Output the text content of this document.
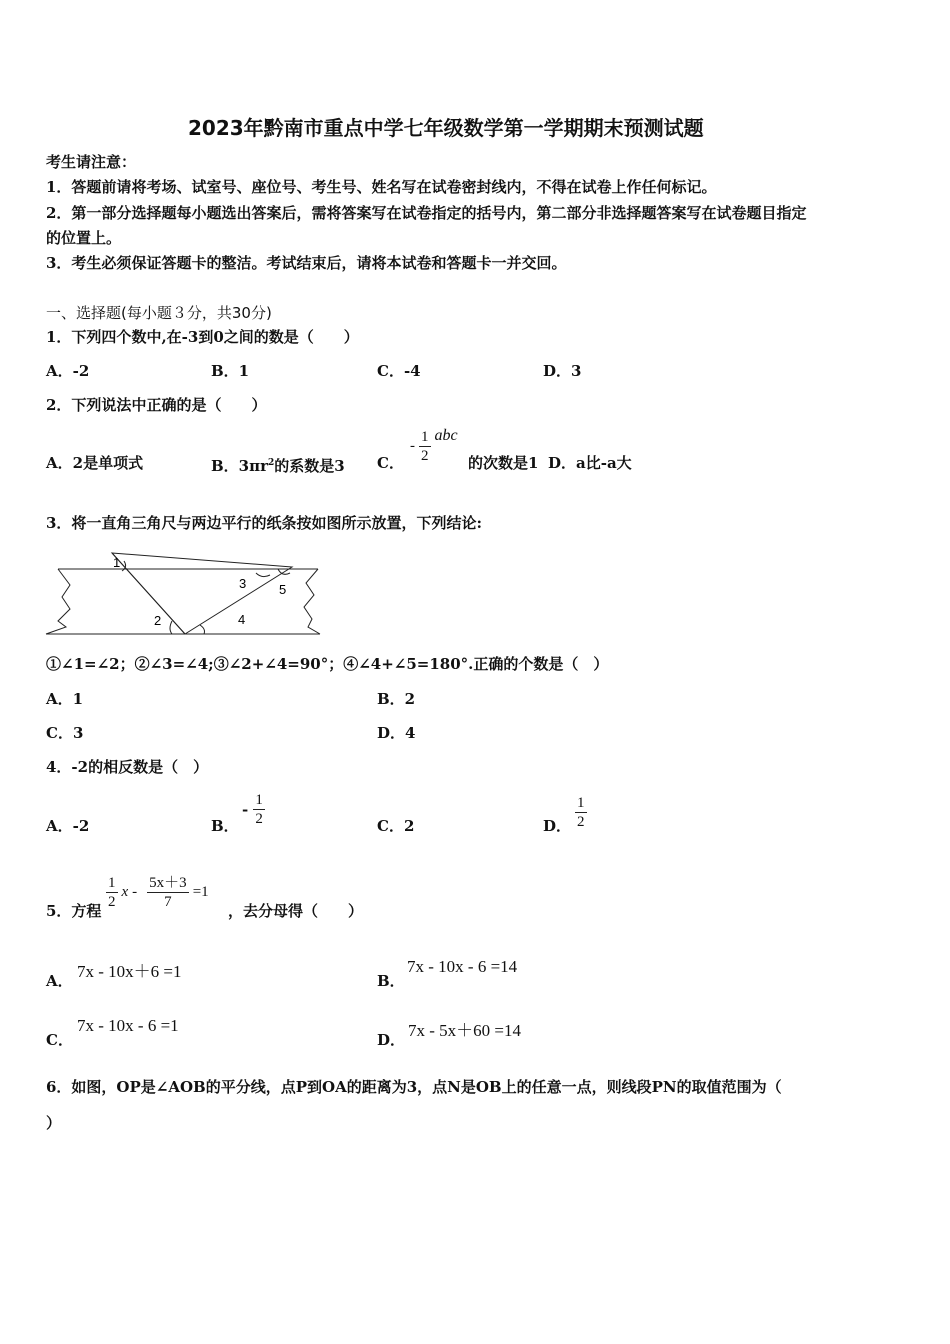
2023年黔南市重点中学七年级数学第一学期期末预测试题
考生请注意：
1．答题前请将考场、试室号、座位号、考生号、姓名写在试卷密封线内，不得在试卷上作任何标记。
2．第一部分选择题每小题选出答案后，需将答案写在试卷指定的括号内，第二部分非选择题答案写在试卷题目指定
的位置上。
3．考生必须保证答题卡的整洁。考试结束后，请将本试卷和答题卡一并交回。
一、选择题(每小题３分，共30分)
1．下列四个数中,在-3到0之间的数是（　　）
A．-2	B．1	C．-4	D．3
2．下列说法中正确的是（　　）
A．2是单项式	B．$3\pi r^2$的系数是3 C．
- $\frac{1}{2}$ abc
的次数是1 D．a比-a大
3．将一直角三角尺与两边平行的纸条按如图所示放置，下列结论:
1
2
3
4
5
①∠1=∠2；②∠3=∠4;③∠2+∠4=90°；④∠4+∠5=180°.正确的个数是（　）
A．1	B．2
C．3	D．4
4．-2的相反数是（　）
A．-2	B．
- $\frac{1}{2}$	C．2	D． $\frac{1}{2}$
5．方程 $\frac{1}{2}$ $x - \frac{5x+3}{7} =1$
，去分母得（　　）
A． 7x - 10x＋6 =1	B．
7x - 10x - 6 =14
C．
7x - 10x - 6 =1
D． 7x - 5x＋60 =14
6．如图，OP是∠AOB的平分线，点P到OA的距离为3，点N是OB上的任意一点，则线段PN的取值范围为（
）
